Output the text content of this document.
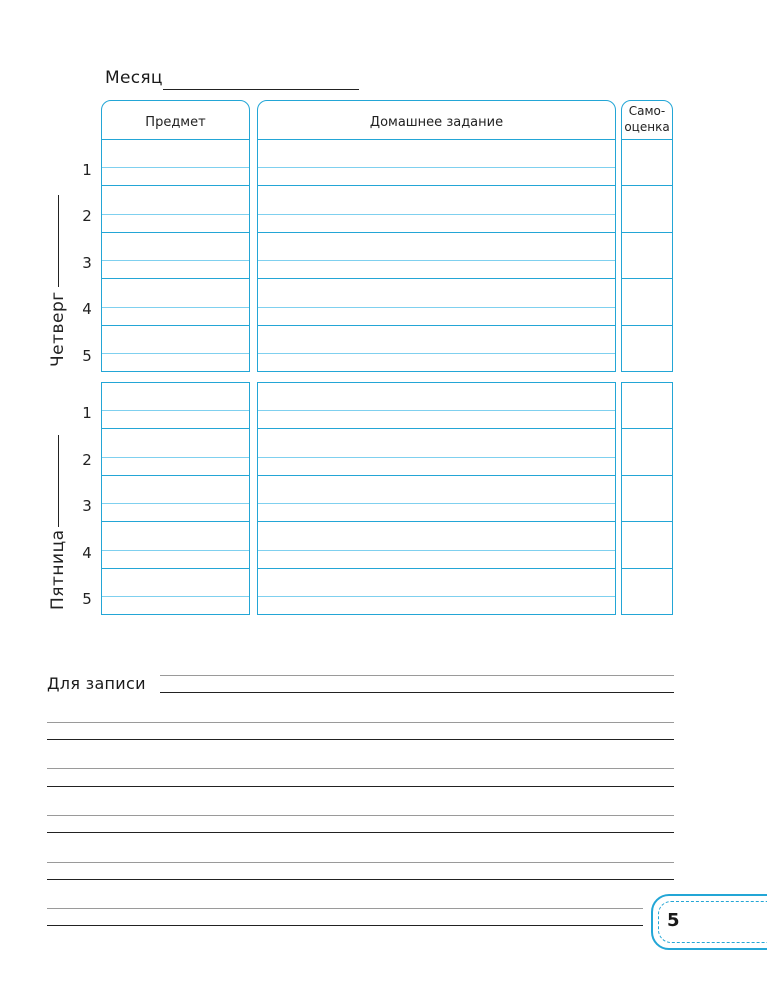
Месяц
Предмет	Домашнее задание
Само-
оценка
1
2
3
4
5
1
2
3
4
5
Четверг
Пятница
Для записи
5
